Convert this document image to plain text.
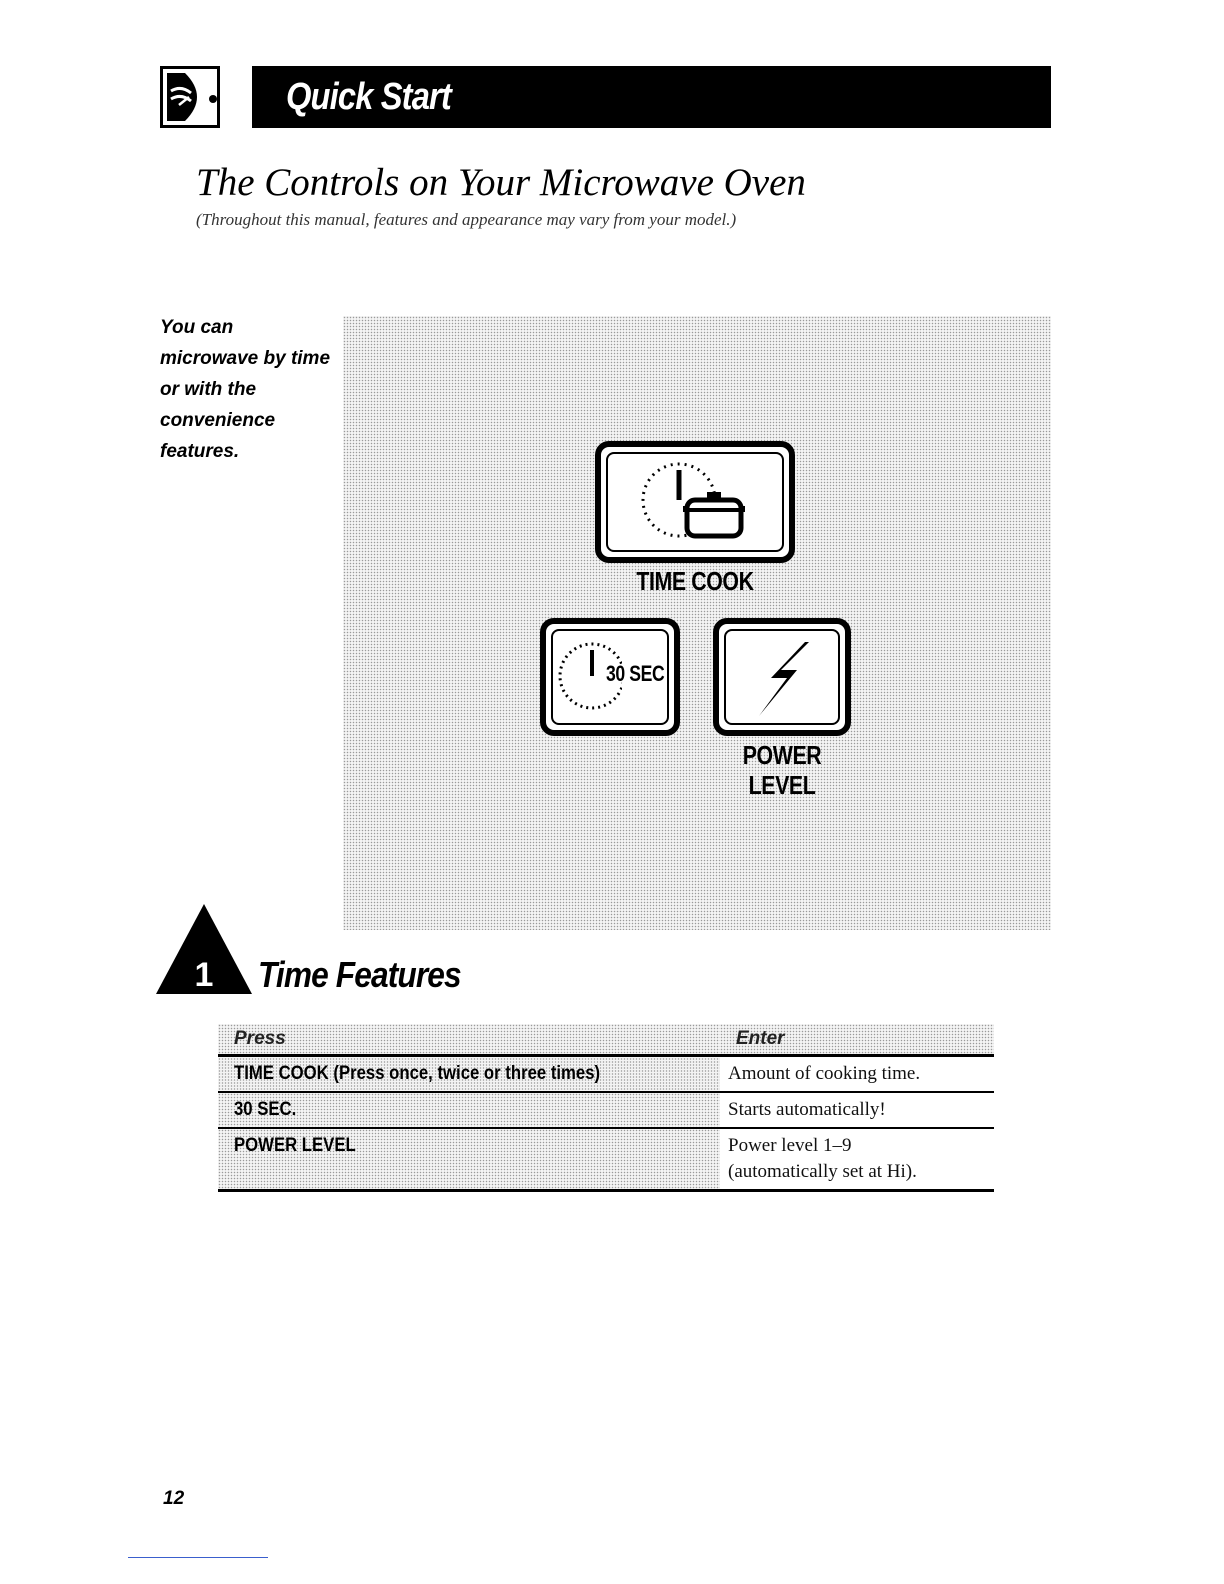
Quick Start
The Controls on Your Microwave Oven
(Throughout this manual, features and appearance may vary from your model.)
You can microwave by time or with the convenience features.
TIME COOK
30 SEC
POWER
LEVEL
1 Time Features
Press	Enter
TIME COOK (Press once, twice or three times)	Amount of cooking time.

30 SEC.	Starts automatically!

POWER LEVEL	Power level 1–9
(automatically set at Hi).
12
